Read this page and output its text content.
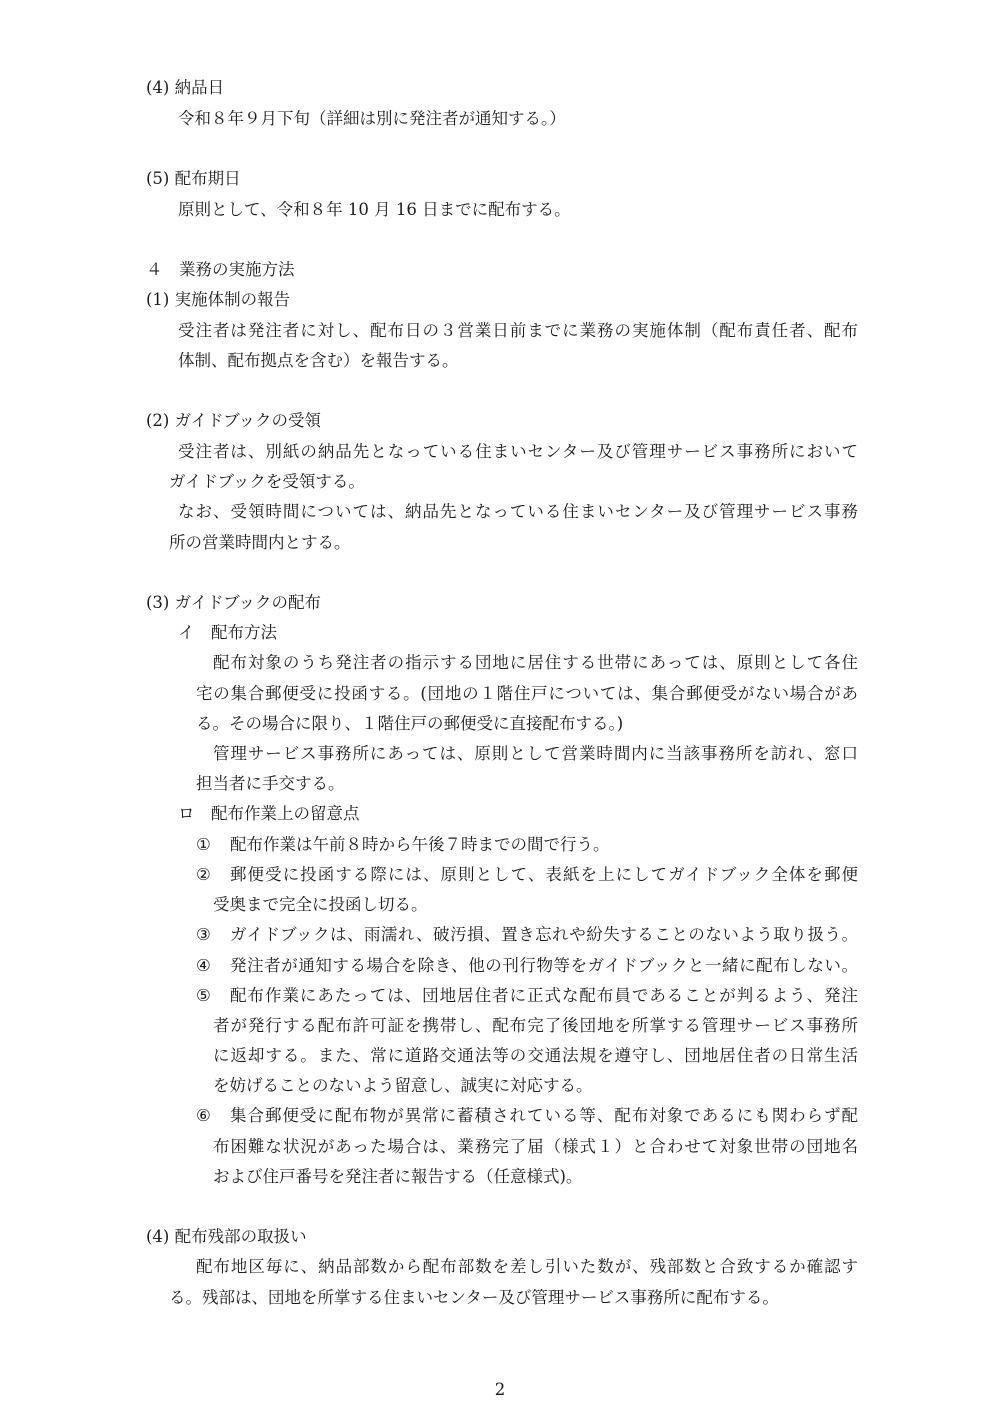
(4) 納品日
令和８年９月下旬（詳細は別に発注者が通知する。）
(5) 配布期日
原則として、令和８年 10 月 16 日までに配布する。
４　業務の実施方法
(1) 実施体制の報告
受注者は発注者に対し、配布日の３営業日前までに業務の実施体制（配布責任者、配布
体制、配布拠点を含む）を報告する。
(2) ガイドブックの受領
受注者は、別紙の納品先となっている住まいセンター及び管理サービス事務所において
ガイドブックを受領する。
なお、受領時間については、納品先となっている住まいセンター及び管理サービス事務
所の営業時間内とする。
(3) ガイドブックの配布
イ　配布方法
配布対象のうち発注者の指示する団地に居住する世帯にあっては、原則として各住
宅の集合郵便受に投函する。(団地の１階住戸については、集合郵便受がない場合があ
る。その場合に限り、１階住戸の郵便受に直接配布する。)
管理サービス事務所にあっては、原則として営業時間内に当該事務所を訪れ、窓口
担当者に手交する。
ロ　配布作業上の留意点
① 配布作業は午前８時から午後７時までの間で行う。
② 郵便受に投函する際には、原則として、表紙を上にしてガイドブック全体を郵便
受奥まで完全に投函し切る。
③ ガイドブックは、雨濡れ、破汚損、置き忘れや紛失することのないよう取り扱う。
④ 発注者が通知する場合を除き、他の刊行物等をガイドブックと一緒に配布しない。
⑤ 配布作業にあたっては、団地居住者に正式な配布員であることが判るよう、発注
者が発行する配布許可証を携帯し、配布完了後団地を所掌する管理サービス事務所
に返却する。また、常に道路交通法等の交通法規を遵守し、団地居住者の日常生活
を妨げることのないよう留意し、誠実に対応する。
⑥ 集合郵便受に配布物が異常に蓄積されている等、配布対象であるにも関わらず配
布困難な状況があった場合は、業務完了届（様式１）と合わせて対象世帯の団地名
および住戸番号を発注者に報告する（任意様式)。
(4) 配布残部の取扱い
配布地区毎に、納品部数から配布部数を差し引いた数が、残部数と合致するか確認す
る。残部は、団地を所掌する住まいセンター及び管理サービス事務所に配布する。
2
